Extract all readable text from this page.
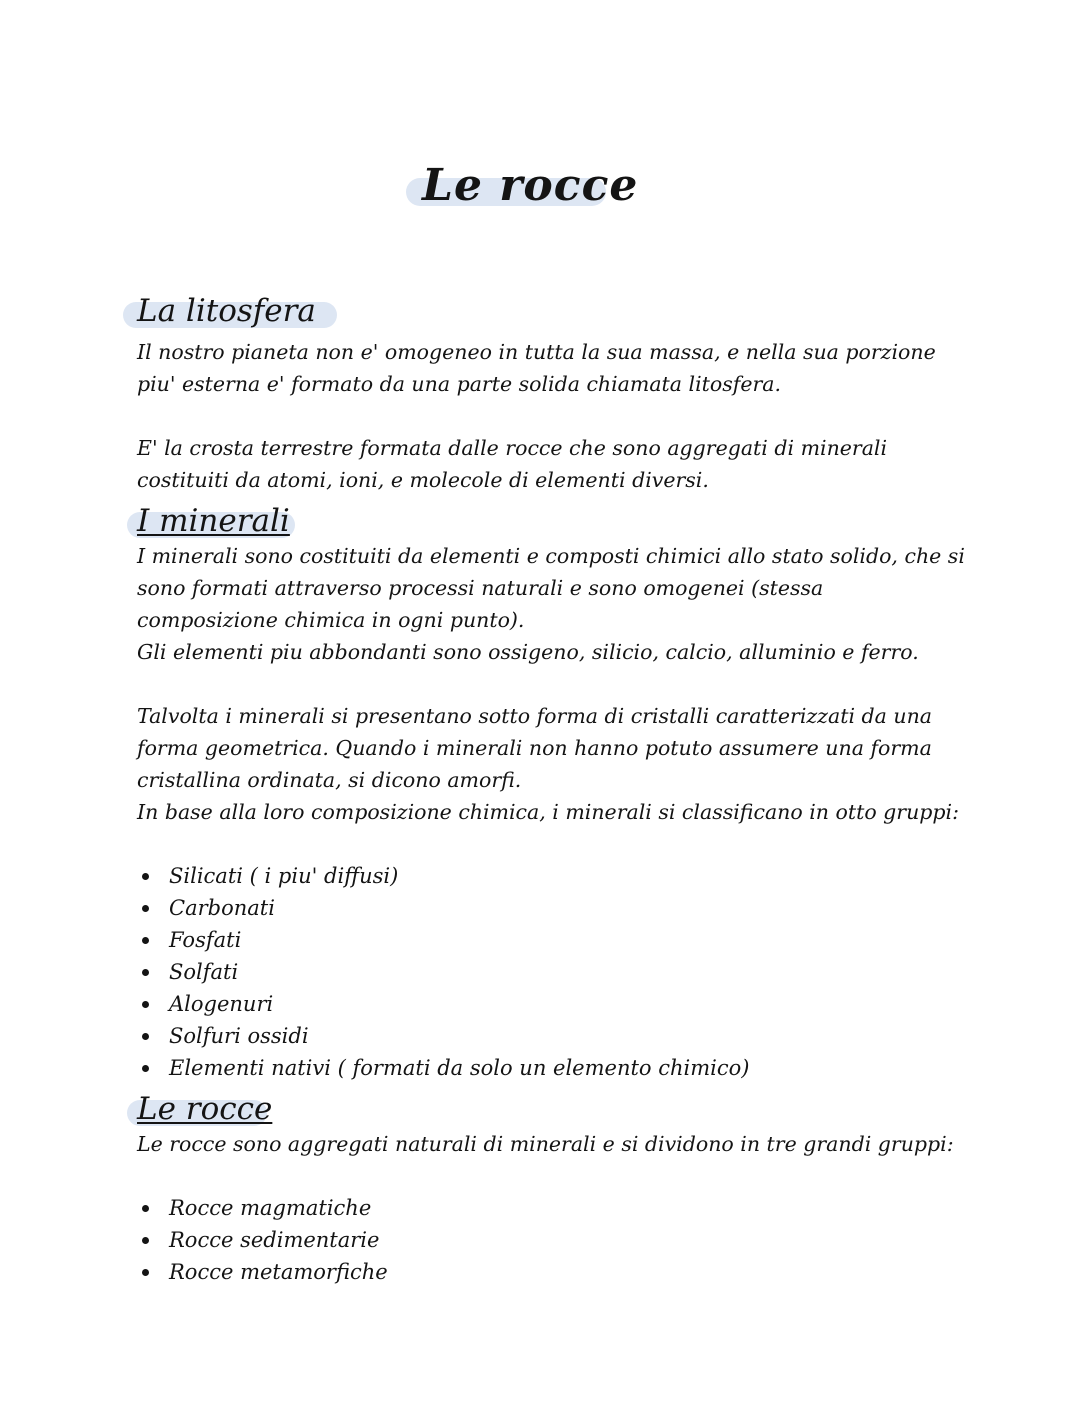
Le rocce
La litosfera

Il nostro pianeta non e' omogeneo in tutta la sua massa, e nella sua porzione piu' esterna e' formato da una parte solida chiamata litosfera.

E' la crosta terrestre formata dalle rocce che sono aggregati di minerali costituiti da atomi, ioni, e molecole di elementi diversi.

I minerali

I minerali sono costituiti da elementi e composti chimici allo stato solido, che si sono formati attraverso processi naturali e sono omogenei (stessa composizione chimica in ogni punto).

Gli elementi piu abbondanti sono ossigeno, silicio, calcio, alluminio e ferro.

Talvolta i minerali si presentano sotto forma di cristalli caratterizzati da una forma geometrica. Quando i minerali non hanno potuto assumere una forma cristallina ordinata, si dicono amorfi.

In base alla loro composizione chimica, i minerali si classificano in otto gruppi:

Silicati ( i piu' diffusi)
Carbonati
Fosfati
Solfati
Alogenuri
Solfuri ossidi
Elementi nativi ( formati da solo un elemento chimico)
Le rocce

Le rocce sono aggregati naturali di minerali e si dividono in tre grandi gruppi:

Rocce magmatiche
Rocce sedimentarie
Rocce metamorfiche
